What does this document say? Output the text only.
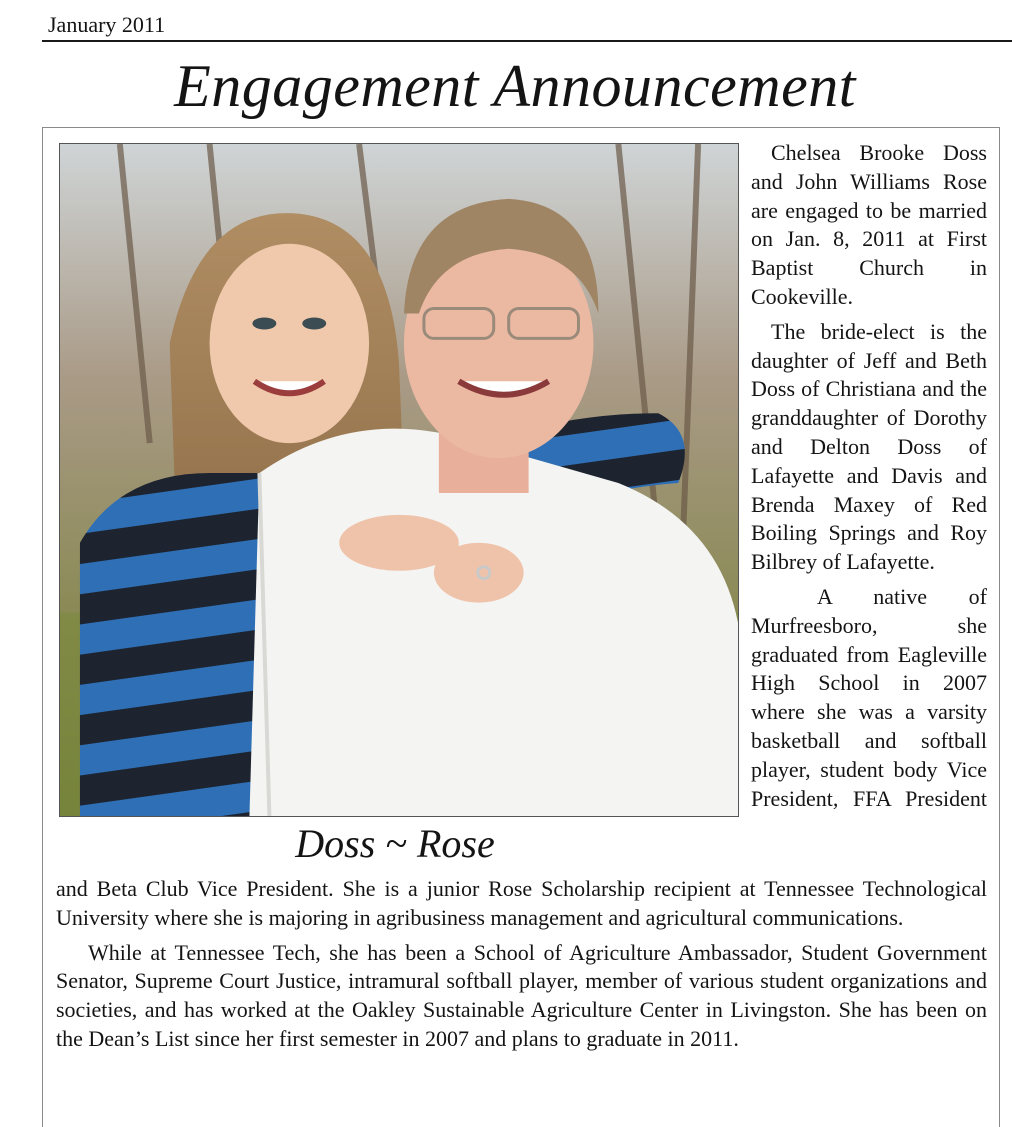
January 2011
Engagement Announcement
Doss ~ Rose

Chelsea Brooke Doss and John Williams Rose are engaged to be married on Jan. 8, 2011 at First Baptist Church in Cookeville.

The bride-elect is the daughter of Jeff and Beth Doss of Christiana and the granddaughter of Dorothy and Delton Doss of Lafayette and Davis and Brenda Maxey of Red Boiling Springs and Roy Bilbrey of Lafayette.

A native of Murfreesboro, she graduated from Eagleville High School in 2007 where she was a varsity basketball and softball player, student body Vice President, FFA President

and Beta Club Vice President. She is a junior Rose Scholarship recipient at Tennessee Technological University where she is majoring in agribusiness management and agricultural communications.

While at Tennessee Tech, she has been a School of Agriculture Ambassador, Student Government Senator, Supreme Court Justice, intramural softball player, member of various student organizations and societies, and has worked at the Oakley Sustainable Agriculture Center in Livingston. She has been on the Dean’s List since her first semester in 2007 and plans to graduate in 2011.
